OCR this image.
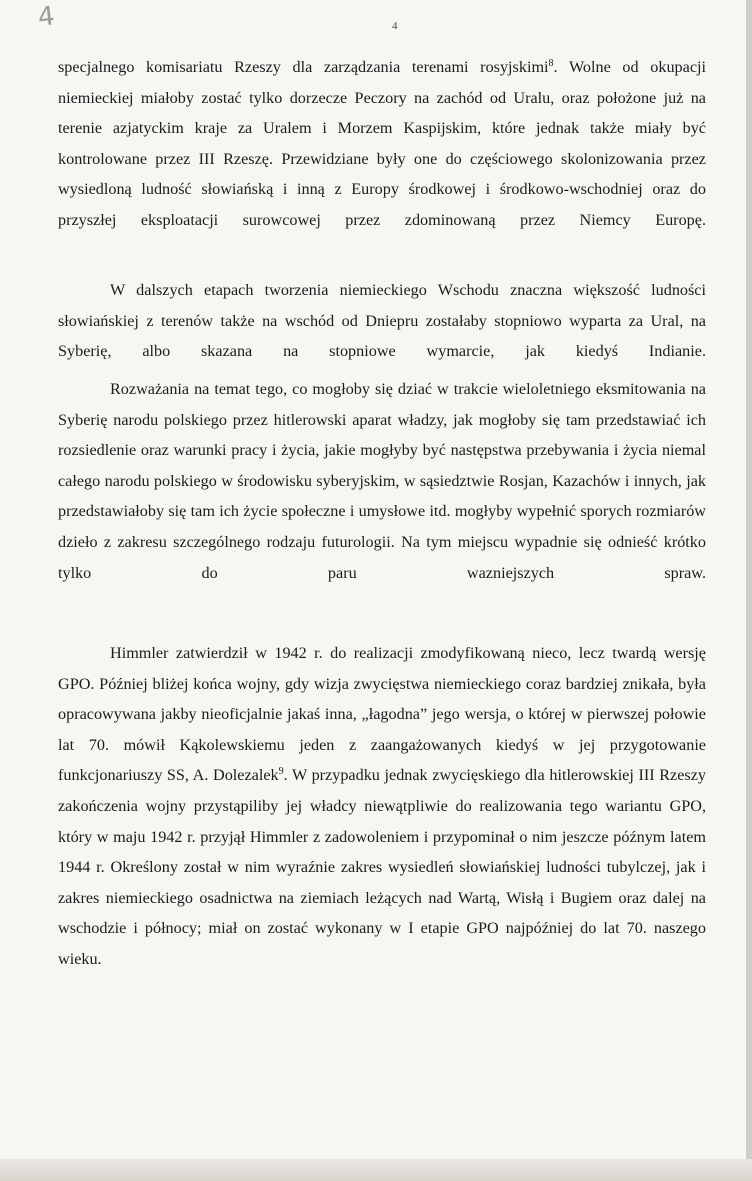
4	4

specjalnego komisariatu Rzeszy dla zarządzania terenami rosyjskimi$^8$. Wolne od okupacji niemieckiej miałoby zostać tylko dorzecze Peczory na zachód od Uralu, oraz położone już na terenie azjatyckim kraje za Uralem i Morzem Kaspijskim, które jednak także miały być kontrolowane przez III Rzeszę. Przewidziane były one do częściowego skolonizowania przez wysiedloną ludność słowiańską i inną z Europy środkowej i środkowo-wschodniej oraz do przyszłej eksploatacji surowcowej przez zdominowaną przez Niemcy Europę.

W dalszych etapach tworzenia niemieckiego Wschodu znaczna większość ludności słowiańskiej z terenów także na wschód od Dniepru zostałaby stopniowo wyparta za Ural, na Syberię, albo skazana na stopniowe wymarcie, jak kiedyś Indianie.

Rozważania na temat tego, co mogłoby się dziać w trakcie wieloletniego eksmitowania na Syberię narodu polskiego przez hitlerowski aparat władzy, jak mogłoby się tam przedstawiać ich rozsiedlenie oraz warunki pracy i życia, jakie mogłyby być następstwa przebywania i życia niemal całego narodu polskiego w środowisku syberyjskim, w sąsiedztwie Rosjan, Kazachów i innych, jak przedstawiałoby się tam ich życie społeczne i umysłowe itd. mogłyby wypełnić sporych rozmiarów dzieło z zakresu szczególnego rodzaju futurologii. Na tym miejscu wypadnie się odnieść krótko tylko do paru wazniejszych spraw.

Himmler zatwierdził w 1942 r. do realizacji zmodyfikowaną nieco, lecz twardą wersję GPO. Później bliżej końca wojny, gdy wizja zwycięstwa niemieckiego coraz bardziej znikała, była opracowywana jakby nieoficjalnie jakaś inna, „łagodna” jego wersja, o której w pierwszej połowie lat 70. mówił Kąkolewskiemu jeden z zaangażowanych kiedyś w jej przygotowanie funkcjonariuszy SS, A. Dolezalek$^9$. W przypadku jednak zwycięskiego dla hitlerowskiej III Rzeszy zakończenia wojny przystąpiliby jej władcy niewątpliwie do realizowania tego wariantu GPO, który w maju 1942 r. przyjął Himmler z zadowoleniem i przypominał o nim jeszcze późnym latem 1944 r. Określony został w nim wyraźnie zakres wysiedleń słowiańskiej ludności tubylczej, jak i zakres niemieckiego osadnictwa na ziemiach leżących nad Wartą, Wisłą i Bugiem oraz dalej na wschodzie i północy; miał on zostać wykonany w I etapie GPO najpóźniej do lat 70. naszego wieku.
